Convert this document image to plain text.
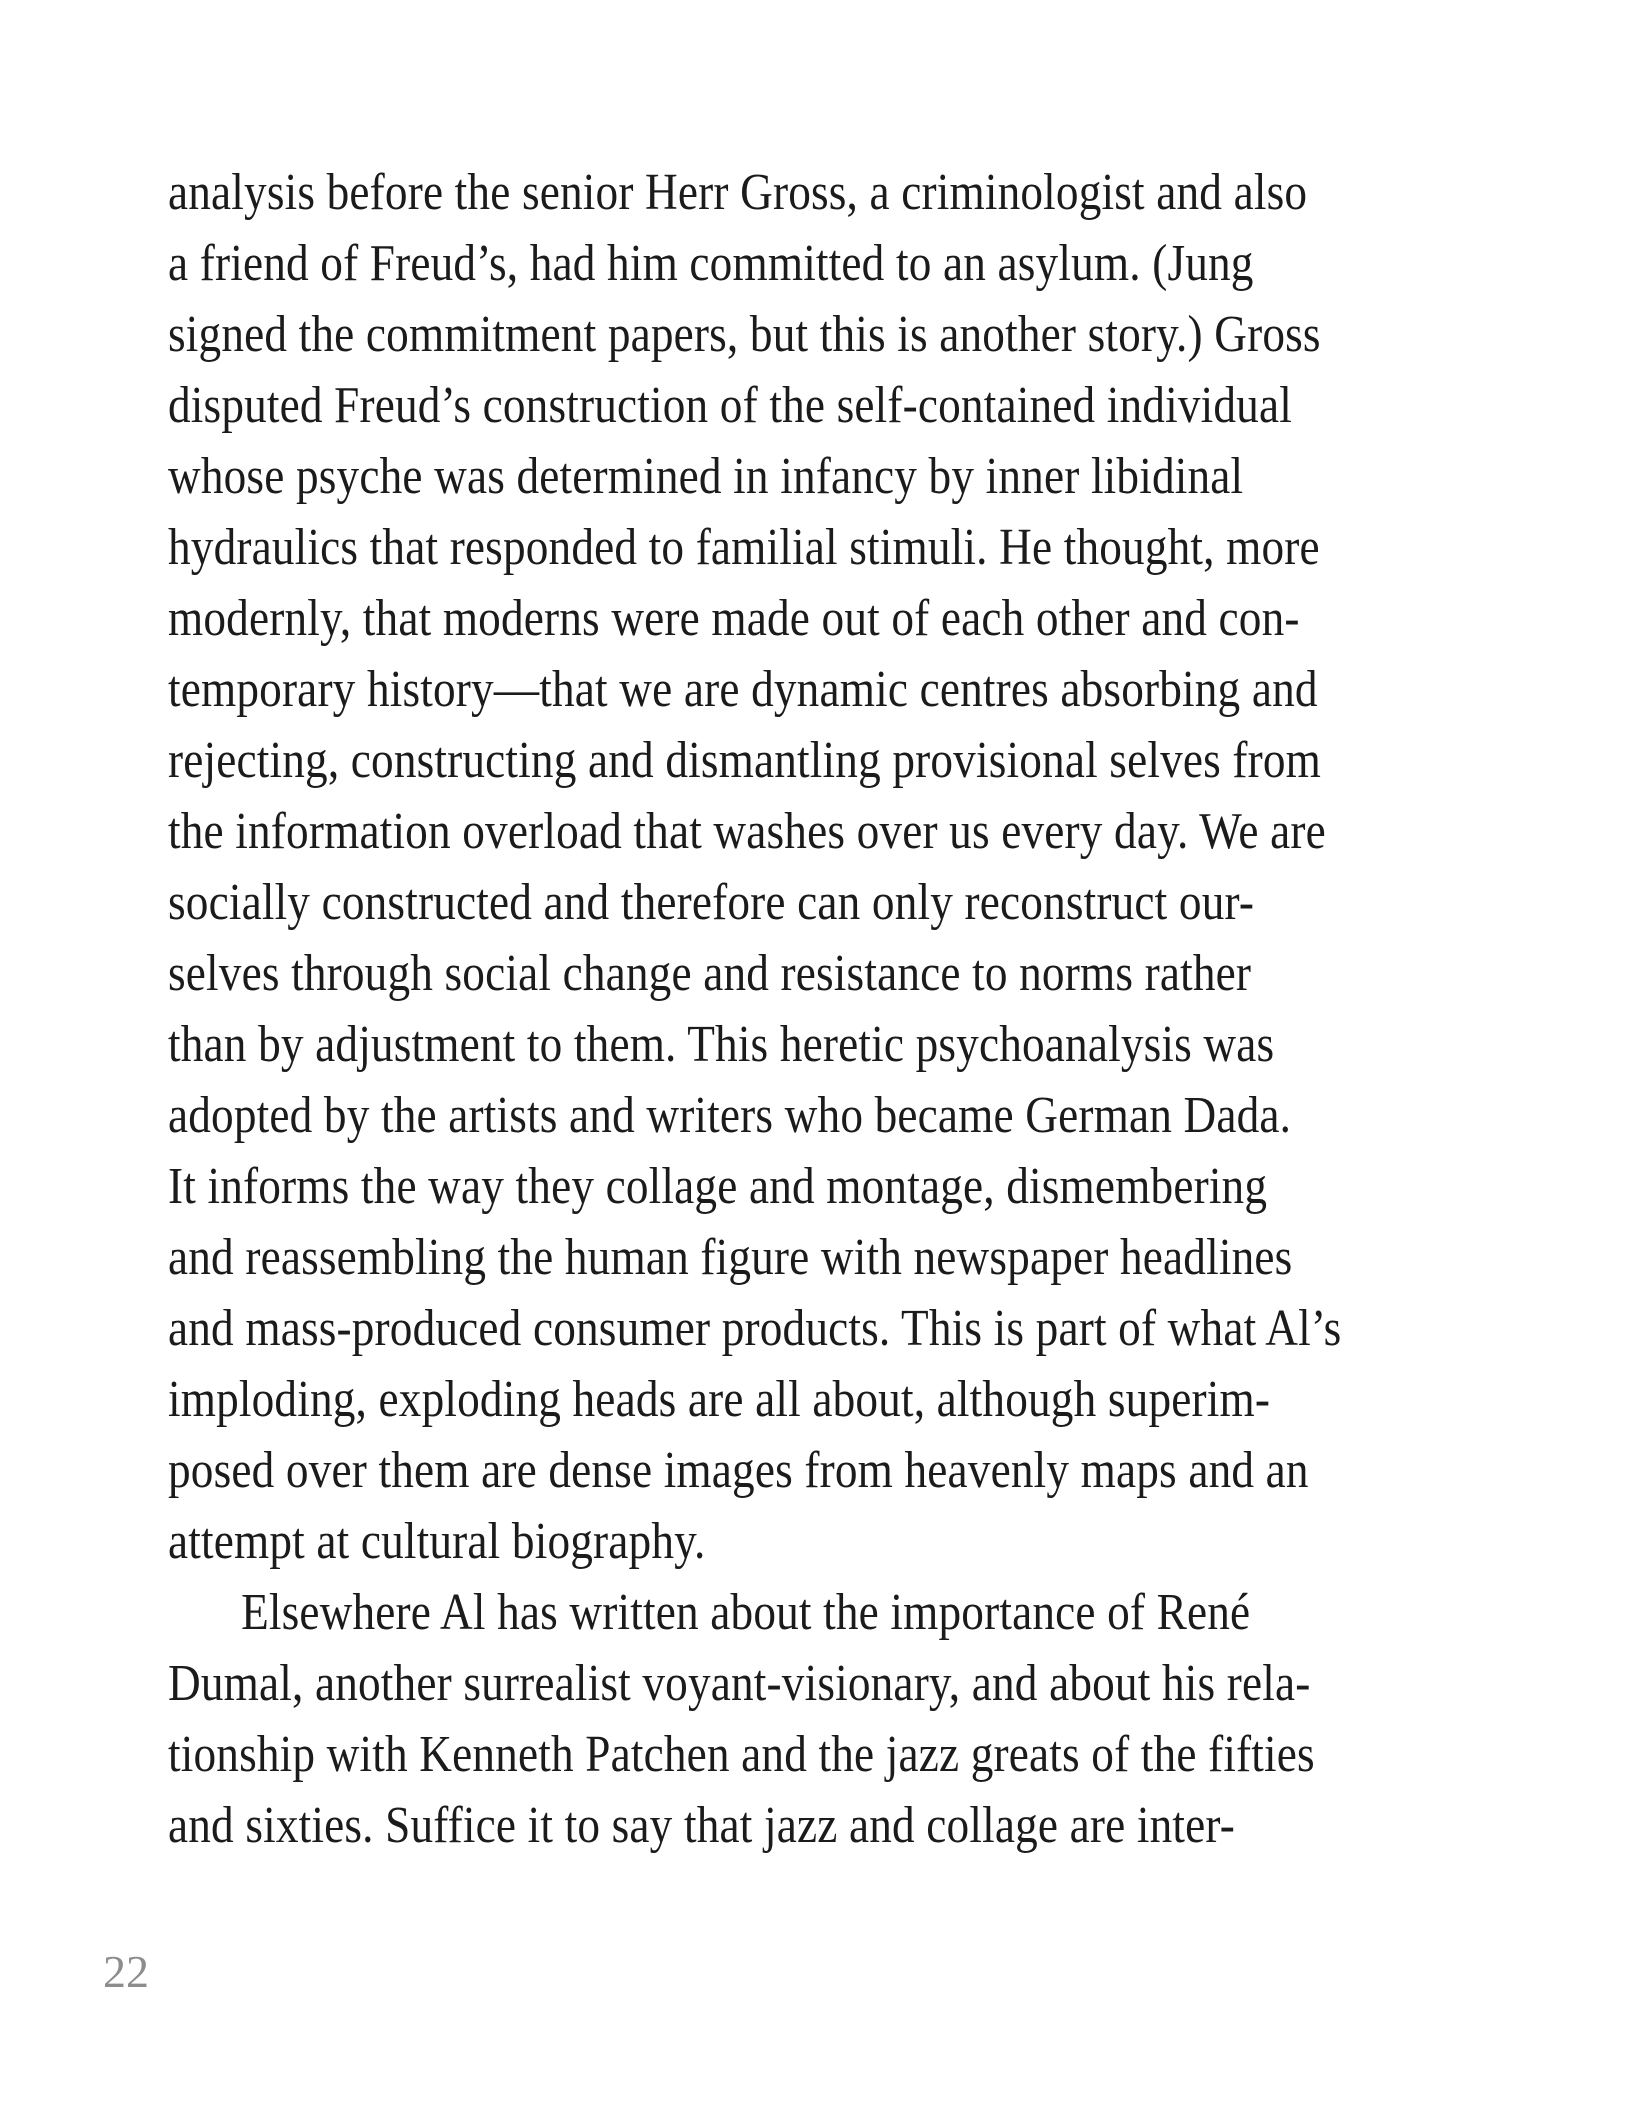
analysis before the senior Herr Gross, a criminologist and also
a friend of Freud’s, had him committed to an asylum. (Jung
signed the commitment papers, but this is another story.) Gross
disputed Freud’s construction of the self-contained individual
whose psyche was determined in infancy by inner libidinal
hydraulics that responded to familial stimuli. He thought, more
modernly, that moderns were made out of each other and con-
temporary history—that we are dynamic centres absorbing and
rejecting, constructing and dismantling provisional selves from
the information overload that washes over us every day. We are
socially constructed and therefore can only reconstruct our-
selves through social change and resistance to norms rather
than by adjustment to them. This heretic psychoanalysis was
adopted by the artists and writers who became German Dada.
It informs the way they collage and montage, dismembering
and reassembling the human figure with newspaper headlines
and mass-produced consumer products. This is part of what Al’s
imploding, exploding heads are all about, although superim-
posed over them are dense images from heavenly maps and an
attempt at cultural biography.

Elsewhere Al has written about the importance of René
Dumal, another surrealist voyant-visionary, and about his rela-
tionship with Kenneth Patchen and the jazz greats of the fifties
and sixties. Suffice it to say that jazz and collage are inter-

22
